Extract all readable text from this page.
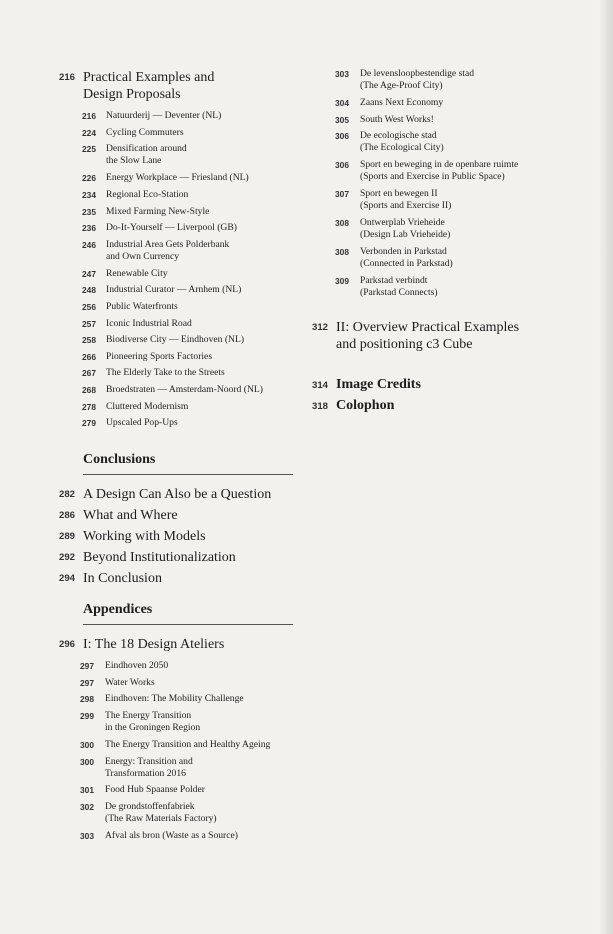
216 Practical Examples and
Design Proposals
216 Natuurderij — Deventer (NL)
224 Cycling Commuters
225 Densification around
the Slow Lane
226 Energy Workplace — Friesland (NL)
234 Regional Eco-Station
235 Mixed Farming New-Style
236 Do-It-Yourself — Liverpool (GB)
246 Industrial Area Gets Polderbank
and Own Currency
247 Renewable City
248 Industrial Curator — Arnhem (NL)
256 Public Waterfronts
257 Iconic Industrial Road
258 Biodiverse City — Eindhoven (NL)
266 Pioneering Sports Factories
267 The Elderly Take to the Streets
268 Broedstraten — Amsterdam-Noord (NL)
278 Cluttered Modernism
279 Upscaled Pop-Ups
Conclusions
282 A Design Can Also be a Question
286 What and Where
289 Working with Models
292 Beyond Institutionalization
294 In Conclusion
Appendices
296 I: The 18 Design Ateliers
297 Eindhoven 2050
297 Water Works
298 Eindhoven: The Mobility Challenge
299 The Energy Transition
in the Groningen Region
300 The Energy Transition and Healthy Ageing
300 Energy: Transition and
Transformation 2016
301 Food Hub Spaanse Polder
302 De grondstoffenfabriek
(The Raw Materials Factory)
303 Afval als bron (Waste as a Source)
303 De levensloopbestendige stad
(The Age-Proof City)
304 Zaans Next Economy
305 South West Works!
306 De ecologische stad
(The Ecological City)
306 Sport en beweging in de openbare ruimte
(Sports and Exercise in Public Space)
307 Sport en bewegen II
(Sports and Exercise II)
308 Ontwerplab Vrieheide
(Design Lab Vrieheide)
308 Verbonden in Parkstad
(Connected in Parkstad)
309 Parkstad verbindt
(Parkstad Connects)
312 II: Overview Practical Examples
and positioning c3 Cube
314 Image Credits
318 Colophon
